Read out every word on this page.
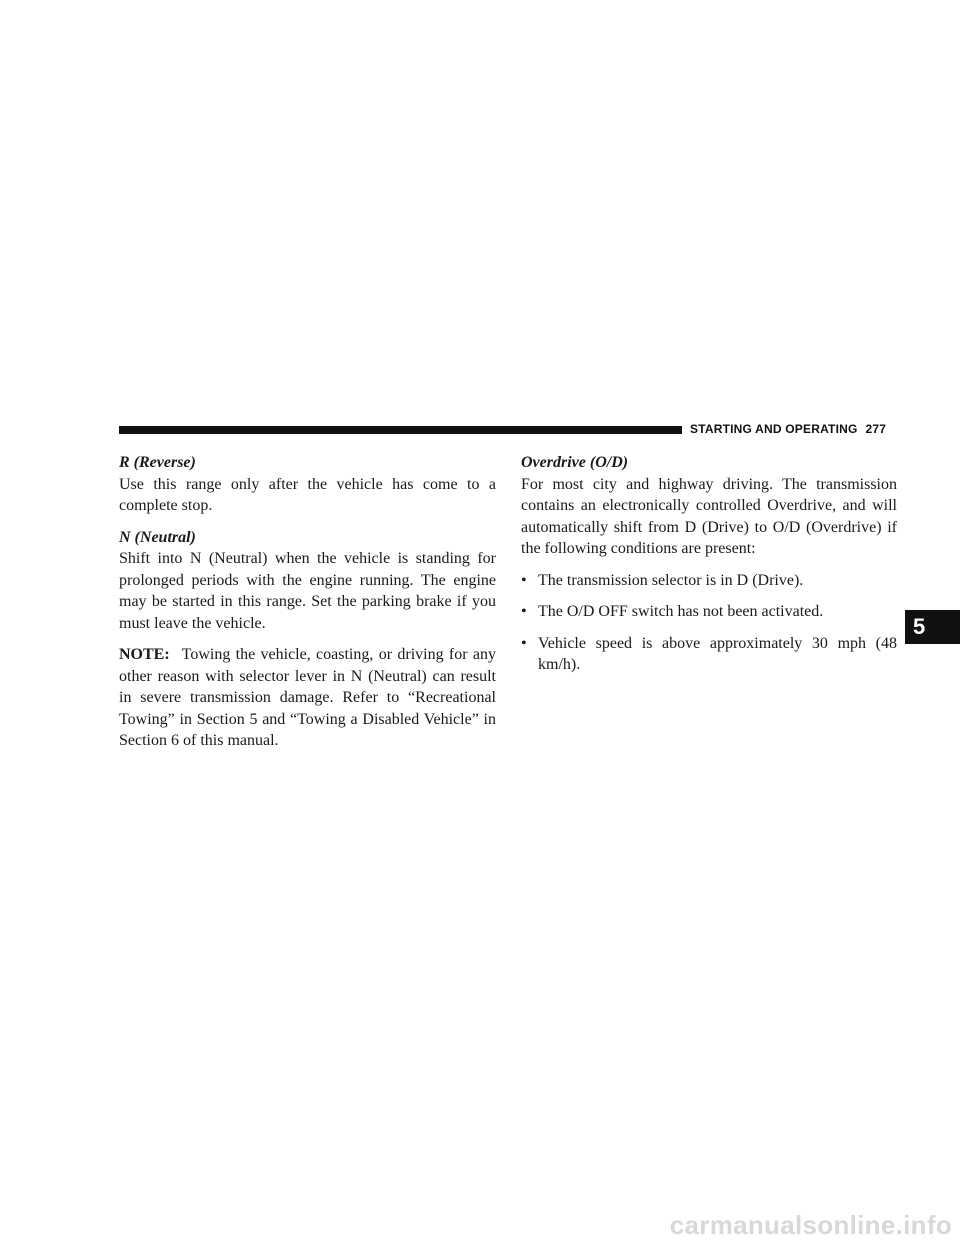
STARTING AND OPERATING 277

R (Reverse)

Use this range only after the vehicle has come to a complete stop.

N (Neutral)

Shift into N (Neutral) when the vehicle is standing for prolonged periods with the engine running. The engine may be started in this range. Set the parking brake if you must leave the vehicle.

NOTE: Towing the vehicle, coasting, or driving for any other reason with selector lever in N (Neutral) can result in severe transmission damage. Refer to “Recreational Towing” in Section 5 and “Towing a Disabled Vehicle” in Section 6 of this manual.

Overdrive (O/D)

For most city and highway driving. The transmission contains an electronically controlled Overdrive, and will automatically shift from D (Drive) to O/D (Overdrive) if the following conditions are present:

• The transmission selector is in D (Drive).
• The O/D OFF switch has not been activated.
• Vehicle speed is above approximately 30 mph (48 km/h).
5
carmanualsonline.info
